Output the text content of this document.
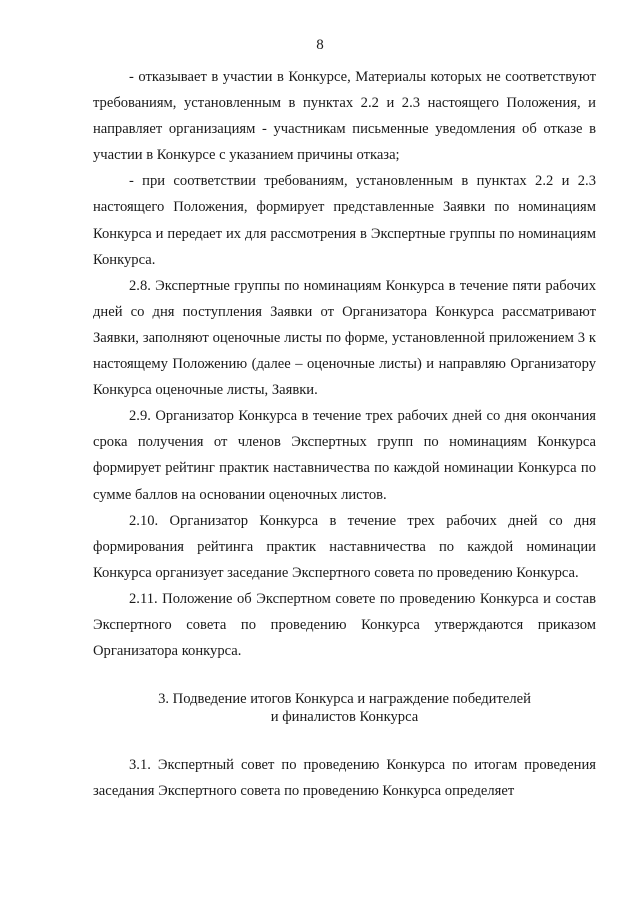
8

- отказывает в участии в Конкурсе, Материалы которых не соответствуют требованиям, установленным в пунктах 2.2 и 2.3 настоящего Положения, и направляет организациям - участникам письменные уведомления об отказе в участии в Конкурсе с указанием причины отказа;

- при соответствии требованиям, установленным в пунктах 2.2 и 2.3 настоящего Положения, формирует представленные Заявки по номинациям Конкурса и передает их для рассмотрения в Экспертные группы по номинациям Конкурса.

2.8. Экспертные группы по номинациям Конкурса в течение пяти рабочих дней со дня поступления Заявки от Организатора Конкурса рассматривают Заявки, заполняют оценочные листы по форме, установленной приложением 3 к настоящему Положению (далее – оценочные листы) и направляю Организатору Конкурса оценочные листы, Заявки.

2.9. Организатор Конкурса в течение трех рабочих дней со дня окончания срока получения от членов Экспертных групп по номинациям Конкурса формирует рейтинг практик наставничества по каждой номинации Конкурса по сумме баллов на основании оценочных листов.

2.10. Организатор Конкурса в течение трех рабочих дней со дня формирования рейтинга практик наставничества по каждой номинации Конкурса организует заседание Экспертного совета по проведению Конкурса.

2.11. Положение об Экспертном совете по проведению Конкурса и состав Экспертного совета по проведению Конкурса утверждаются приказом Организатора конкурса.

3. Подведение итогов Конкурса и награждение победителей
и финалистов Конкурса

3.1. Экспертный совет по проведению Конкурса по итогам проведения заседания Экспертного совета по проведению Конкурса определяет
